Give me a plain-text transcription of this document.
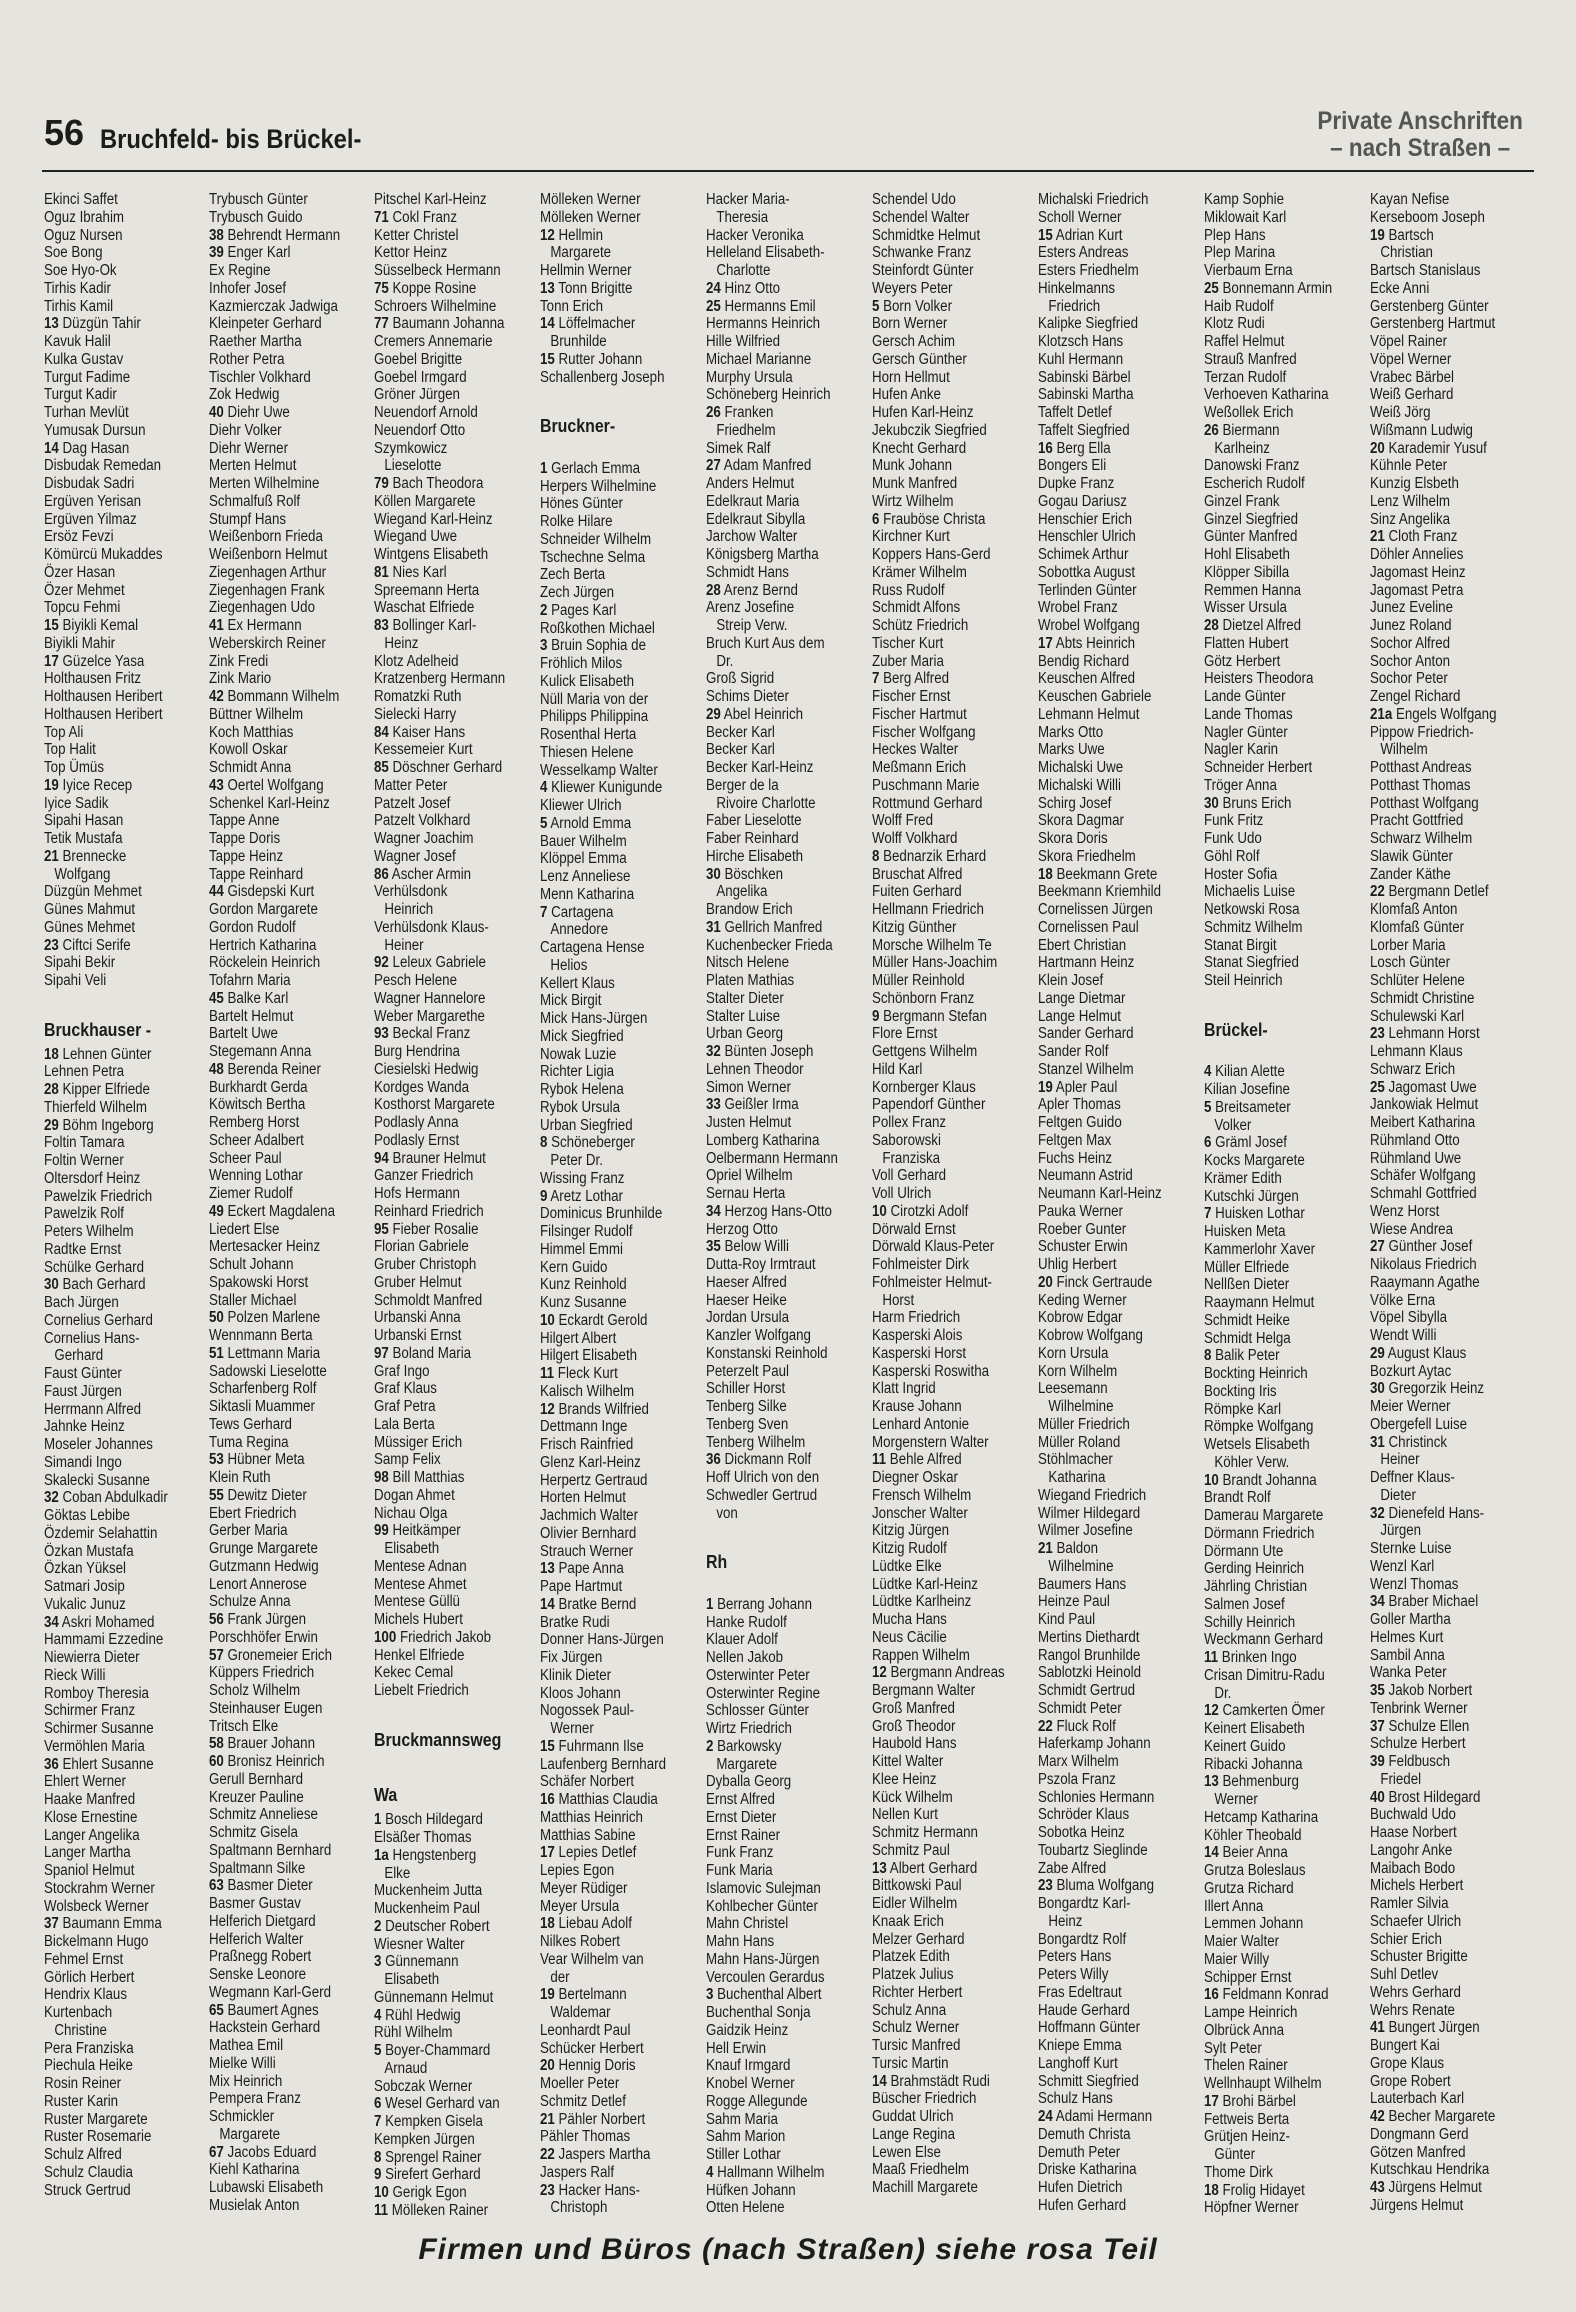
56 Bruchfeld- bis Brückel-
Private Anschriften
– nach Straßen –
Ekinci Saffet
Oguz Ibrahim
Oguz Nursen
Soe Bong
Soe Hyo-Ok
Tirhis Kadir
Tirhis Kamil
13 Düzgün Tahir
Kavuk Halil
Kulka Gustav
Turgut Fadime
Turgut Kadir
Turhan Mevlüt
Yumusak Dursun
14 Dag Hasan
Disbudak Remedan
Disbudak Sadri
Ergüven Yerisan
Ergüven Yilmaz
Ersöz Fevzi
Kömürcü Mukaddes
Özer Hasan
Özer Mehmet
Topcu Fehmi
15 Biyikli Kemal
Biyikli Mahir
17 Güzelce Yasa
Holthausen Fritz
Holthausen Heribert
Holthausen Heribert
Top Ali
Top Halit
Top Ümüs
19 Iyice Recep
Iyice Sadik
Sipahi Hasan
Tetik Mustafa
21 Brennecke
Wolfgang
Düzgün Mehmet
Günes Mahmut
Günes Mehmet
23 Ciftci Serife
Sipahi Bekir
Sipahi Veli
Bruckhauser -
18 Lehnen Günter
Lehnen Petra
28 Kipper Elfriede
Thierfeld Wilhelm
29 Böhm Ingeborg
Foltin Tamara
Foltin Werner
Oltersdorf Heinz
Pawelzik Friedrich
Pawelzik Rolf
Peters Wilhelm
Radtke Ernst
Schülke Gerhard
30 Bach Gerhard
Bach Jürgen
Cornelius Gerhard
Cornelius Hans-
Gerhard
Faust Günter
Faust Jürgen
Herrmann Alfred
Jahnke Heinz
Moseler Johannes
Simandi Ingo
Skalecki Susanne
32 Coban Abdulkadir
Göktas Lebibe
Özdemir Selahattin
Özkan Mustafa
Özkan Yüksel
Satmari Josip
Vukalic Junuz
34 Askri Mohamed
Hammami Ezzedine
Niewierra Dieter
Rieck Willi
Romboy Theresia
Schirmer Franz
Schirmer Susanne
Vermöhlen Maria
36 Ehlert Susanne
Ehlert Werner
Haake Manfred
Klose Ernestine
Langer Angelika
Langer Martha
Spaniol Helmut
Stockrahm Werner
Wolsbeck Werner
37 Baumann Emma
Bickelmann Hugo
Fehmel Ernst
Görlich Herbert
Hendrix Klaus
Kurtenbach
Christine
Pera Franziska
Piechula Heike
Rosin Reiner
Ruster Karin
Ruster Margarete
Ruster Rosemarie
Schulz Alfred
Schulz Claudia
Struck Gertrud
Trybusch Günter
Trybusch Guido
38 Behrendt Hermann
39 Enger Karl
Ex Regine
Inhofer Josef
Kazmierczak Jadwiga
Kleinpeter Gerhard
Raether Martha
Rother Petra
Tischler Volkhard
Zok Hedwig
40 Diehr Uwe
Diehr Volker
Diehr Werner
Merten Helmut
Merten Wilhelmine
Schmalfuß Rolf
Stumpf Hans
Weißenborn Frieda
Weißenborn Helmut
Ziegenhagen Arthur
Ziegenhagen Frank
Ziegenhagen Udo
41 Ex Hermann
Weberskirch Reiner
Zink Fredi
Zink Mario
42 Bommann Wilhelm
Büttner Wilhelm
Koch Matthias
Kowoll Oskar
Schmidt Anna
43 Oertel Wolfgang
Schenkel Karl-Heinz
Tappe Anne
Tappe Doris
Tappe Heinz
Tappe Reinhard
44 Gisdepski Kurt
Gordon Margarete
Gordon Rudolf
Hertrich Katharina
Röckelein Heinrich
Tofahrn Maria
45 Balke Karl
Bartelt Helmut
Bartelt Uwe
Stegemann Anna
48 Berenda Reiner
Burkhardt Gerda
Köwitsch Bertha
Remberg Horst
Scheer Adalbert
Scheer Paul
Wenning Lothar
Ziemer Rudolf
49 Eckert Magdalena
Liedert Else
Mertesacker Heinz
Schult Johann
Spakowski Horst
Staller Michael
50 Polzen Marlene
Wennmann Berta
51 Lettmann Maria
Sadowski Lieselotte
Scharfenberg Rolf
Siktasli Muammer
Tews Gerhard
Tuma Regina
53 Hübner Meta
Klein Ruth
55 Dewitz Dieter
Ebert Friedrich
Gerber Maria
Grunge Margarete
Gutzmann Hedwig
Lenort Annerose
Schulze Anna
56 Frank Jürgen
Porschhöfer Erwin
57 Gronemeier Erich
Küppers Friedrich
Scholz Wilhelm
Steinhauser Eugen
Tritsch Elke
58 Brauer Johann
60 Bronisz Heinrich
Gerull Bernhard
Kreuzer Pauline
Schmitz Anneliese
Schmitz Gisela
Spaltmann Bernhard
Spaltmann Silke
63 Basmer Dieter
Basmer Gustav
Helferich Dietgard
Helferich Walter
Praßnegg Robert
Senske Leonore
Wegmann Karl-Gerd
65 Baumert Agnes
Hackstein Gerhard
Mathea Emil
Mielke Willi
Mix Heinrich
Pempera Franz
Schmickler
Margarete
67 Jacobs Eduard
Kiehl Katharina
Lubawski Elisabeth
Musielak Anton
Pitschel Karl-Heinz
71 Cokl Franz
Ketter Christel
Kettor Heinz
Süsselbeck Hermann
75 Koppe Rosine
Schroers Wilhelmine
77 Baumann Johanna
Cremers Annemarie
Goebel Brigitte
Goebel Irmgard
Gröner Jürgen
Neuendorf Arnold
Neuendorf Otto
Szymkowicz
Lieselotte
79 Bach Theodora
Köllen Margarete
Wiegand Karl-Heinz
Wiegand Uwe
Wintgens Elisabeth
81 Nies Karl
Spreemann Herta
Waschat Elfriede
83 Bollinger Karl-
Heinz
Klotz Adelheid
Kratzenberg Hermann
Romatzki Ruth
Sielecki Harry
84 Kaiser Hans
Kessemeier Kurt
85 Döschner Gerhard
Matter Peter
Patzelt Josef
Patzelt Volkhard
Wagner Joachim
Wagner Josef
86 Ascher Armin
Verhülsdonk
Heinrich
Verhülsdonk Klaus-
Heiner
92 Leleux Gabriele
Pesch Helene
Wagner Hannelore
Weber Margarethe
93 Beckal Franz
Burg Hendrina
Ciesielski Hedwig
Kordges Wanda
Kosthorst Margarete
Podlasly Anna
Podlasly Ernst
94 Brauner Helmut
Ganzer Friedrich
Hofs Hermann
Reinhard Friedrich
95 Fieber Rosalie
Florian Gabriele
Gruber Christoph
Gruber Helmut
Schmoldt Manfred
Urbanski Anna
Urbanski Ernst
97 Boland Maria
Graf Ingo
Graf Klaus
Graf Petra
Lala Berta
Müssiger Erich
Samp Felix
98 Bill Matthias
Dogan Ahmet
Nichau Olga
99 Heitkämper
Elisabeth
Mentese Adnan
Mentese Ahmet
Mentese Güllü
Michels Hubert
100 Friedrich Jakob
Henkel Elfriede
Kekec Cemal
Liebelt Friedrich
Bruckmannsweg
Wa
1 Bosch Hildegard
Elsäßer Thomas
1a Hengstenberg
Elke
Muckenheim Jutta
Muckenheim Paul
2 Deutscher Robert
Wiesner Walter
3 Günnemann
Elisabeth
Günnemann Helmut
4 Rühl Hedwig
Rühl Wilhelm
5 Boyer-Chammard
Arnaud
Sobczak Werner
6 Wesel Gerhard van
7 Kempken Gisela
Kempken Jürgen
8 Sprengel Rainer
9 Sirefert Gerhard
10 Gerigk Egon
11 Mölleken Rainer
Mölleken Werner
Mölleken Werner
12 Hellmin
Margarete
Hellmin Werner
13 Tonn Brigitte
Tonn Erich
14 Löffelmacher
Brunhilde
15 Rutter Johann
Schallenberg Joseph
Bruckner-
1 Gerlach Emma
Herpers Wilhelmine
Hönes Günter
Rolke Hilare
Schneider Wilhelm
Tschechne Selma
Zech Berta
Zech Jürgen
2 Pages Karl
Roßkothen Michael
3 Bruin Sophia de
Fröhlich Milos
Kulick Elisabeth
Nüll Maria von der
Philipps Philippina
Rosenthal Herta
Thiesen Helene
Wesselkamp Walter
4 Kliewer Kunigunde
Kliewer Ulrich
5 Arnold Emma
Bauer Wilhelm
Klöppel Emma
Lenz Anneliese
Menn Katharina
7 Cartagena
Annedore
Cartagena Hense
Helios
Kellert Klaus
Mick Birgit
Mick Hans-Jürgen
Mick Siegfried
Nowak Luzie
Richter Ligia
Rybok Helena
Rybok Ursula
Urban Siegfried
8 Schöneberger
Peter Dr.
Wissing Franz
9 Aretz Lothar
Dominicus Brunhilde
Filsinger Rudolf
Himmel Emmi
Kern Guido
Kunz Reinhold
Kunz Susanne
10 Eckardt Gerold
Hilgert Albert
Hilgert Elisabeth
11 Fleck Kurt
Kalisch Wilhelm
12 Brands Wilfried
Dettmann Inge
Frisch Rainfried
Glenz Karl-Heinz
Herpertz Gertraud
Horten Helmut
Jachmich Walter
Olivier Bernhard
Strauch Werner
13 Pape Anna
Pape Hartmut
14 Bratke Bernd
Bratke Rudi
Donner Hans-Jürgen
Fix Jürgen
Klinik Dieter
Kloos Johann
Nogossek Paul-
Werner
15 Fuhrmann Ilse
Laufenberg Bernhard
Schäfer Norbert
16 Matthias Claudia
Matthias Heinrich
Matthias Sabine
17 Lepies Detlef
Lepies Egon
Meyer Rüdiger
Meyer Ursula
18 Liebau Adolf
Nilkes Robert
Vear Wilhelm van
der
19 Bertelmann
Waldemar
Leonhardt Paul
Schücker Herbert
20 Hennig Doris
Moeller Peter
Schmitz Detlef
21 Pähler Norbert
Pähler Thomas
22 Jaspers Martha
Jaspers Ralf
23 Hacker Hans-
Christoph
Hacker Maria-
Theresia
Hacker Veronika
Helleland Elisabeth-
Charlotte
24 Hinz Otto
25 Hermanns Emil
Hermanns Heinrich
Hille Wilfried
Michael Marianne
Murphy Ursula
Schöneberg Heinrich
26 Franken
Friedhelm
Simek Ralf
27 Adam Manfred
Anders Helmut
Edelkraut Maria
Edelkraut Sibylla
Jarchow Walter
Königsberg Martha
Schmidt Hans
28 Arenz Bernd
Arenz Josefine
Streip Verw.
Bruch Kurt Aus dem
Dr.
Groß Sigrid
Schims Dieter
29 Abel Heinrich
Becker Karl
Becker Karl
Becker Karl-Heinz
Berger de la
Rivoire Charlotte
Faber Lieselotte
Faber Reinhard
Hirche Elisabeth
30 Böschken
Angelika
Brandow Erich
31 Gellrich Manfred
Kuchenbecker Frieda
Nitsch Helene
Platen Mathias
Stalter Dieter
Stalter Luise
Urban Georg
32 Bünten Joseph
Lehnen Theodor
Simon Werner
33 Geißler Irma
Justen Helmut
Lomberg Katharina
Oelbermann Hermann
Opriel Wilhelm
Sernau Herta
34 Herzog Hans-Otto
Herzog Otto
35 Below Willi
Dutta-Roy Irmtraut
Haeser Alfred
Haeser Heike
Jordan Ursula
Kanzler Wolfgang
Konstanski Reinhold
Peterzelt Paul
Schiller Horst
Tenberg Silke
Tenberg Sven
Tenberg Wilhelm
36 Dickmann Rolf
Hoff Ulrich von den
Schwedler Gertrud
von
Rh
1 Berrang Johann
Hanke Rudolf
Klauer Adolf
Nellen Jakob
Osterwinter Peter
Osterwinter Regine
Schlosser Günter
Wirtz Friedrich
2 Barkowsky
Margarete
Dyballa Georg
Ernst Alfred
Ernst Dieter
Ernst Rainer
Funk Franz
Funk Maria
Islamovic Sulejman
Kohlbecher Günter
Mahn Christel
Mahn Hans
Mahn Hans-Jürgen
Vercoulen Gerardus
3 Buchenthal Albert
Buchenthal Sonja
Gaidzik Heinz
Hell Erwin
Knauf Irmgard
Knobel Werner
Rogge Allegunde
Sahm Maria
Sahm Marion
Stiller Lothar
4 Hallmann Wilhelm
Hüfken Johann
Otten Helene
Schendel Udo
Schendel Walter
Schmidtke Helmut
Schwanke Franz
Steinfordt Günter
Weyers Peter
5 Born Volker
Born Werner
Gersch Achim
Gersch Günther
Horn Hellmut
Hufen Anke
Hufen Karl-Heinz
Jekubczik Siegfried
Knecht Gerhard
Munk Johann
Munk Manfred
Wirtz Wilhelm
6 Frauböse Christa
Kirchner Kurt
Koppers Hans-Gerd
Krämer Wilhelm
Russ Rudolf
Schmidt Alfons
Schütz Friedrich
Tischer Kurt
Zuber Maria
7 Berg Alfred
Fischer Ernst
Fischer Hartmut
Fischer Wolfgang
Heckes Walter
Meßmann Erich
Puschmann Marie
Rottmund Gerhard
Wolff Fred
Wolff Volkhard
8 Bednarzik Erhard
Bruschat Alfred
Fuiten Gerhard
Hellmann Friedrich
Kitzig Günther
Morsche Wilhelm Te
Müller Hans-Joachim
Müller Reinhold
Schönborn Franz
9 Bergmann Stefan
Flore Ernst
Gettgens Wilhelm
Hild Karl
Kornberger Klaus
Papendorf Günther
Pollex Franz
Saborowski
Franziska
Voll Gerhard
Voll Ulrich
10 Cirotzki Adolf
Dörwald Ernst
Dörwald Klaus-Peter
Fohlmeister Dirk
Fohlmeister Helmut-
Horst
Harm Friedrich
Kasperski Alois
Kasperski Horst
Kasperski Roswitha
Klatt Ingrid
Krause Johann
Lenhard Antonie
Morgenstern Walter
11 Behle Alfred
Diegner Oskar
Frensch Wilhelm
Jonscher Walter
Kitzig Jürgen
Kitzig Rudolf
Lüdtke Elke
Lüdtke Karl-Heinz
Lüdtke Karlheinz
Mucha Hans
Neus Cäcilie
Rappen Wilhelm
12 Bergmann Andreas
Bergmann Walter
Groß Manfred
Groß Theodor
Haubold Hans
Kittel Walter
Klee Heinz
Kück Wilhelm
Nellen Kurt
Schmitz Hermann
Schmitz Paul
13 Albert Gerhard
Bittkowski Paul
Eidler Wilhelm
Knaak Erich
Melzer Gerhard
Platzek Edith
Platzek Julius
Richter Herbert
Schulz Anna
Schulz Werner
Tursic Manfred
Tursic Martin
14 Brahmstädt Rudi
Büscher Friedrich
Guddat Ulrich
Lange Regina
Lewen Else
Maaß Friedhelm
Machill Margarete
Michalski Friedrich
Scholl Werner
15 Adrian Kurt
Esters Andreas
Esters Friedhelm
Hinkelmanns
Friedrich
Kalipke Siegfried
Klotzsch Hans
Kuhl Hermann
Sabinski Bärbel
Sabinski Martha
Taffelt Detlef
Taffelt Siegfried
16 Berg Ella
Bongers Eli
Dupke Franz
Gogau Dariusz
Henschier Erich
Henschler Ulrich
Schimek Arthur
Sobottka August
Terlinden Günter
Wrobel Franz
Wrobel Wolfgang
17 Abts Heinrich
Bendig Richard
Keuschen Alfred
Keuschen Gabriele
Lehmann Helmut
Marks Otto
Marks Uwe
Michalski Uwe
Michalski Willi
Schirg Josef
Skora Dagmar
Skora Doris
Skora Friedhelm
18 Beekmann Grete
Beekmann Kriemhild
Cornelissen Jürgen
Cornelissen Paul
Ebert Christian
Hartmann Heinz
Klein Josef
Lange Dietmar
Lange Helmut
Sander Gerhard
Sander Rolf
Stanzel Wilhelm
19 Apler Paul
Apler Thomas
Feltgen Guido
Feltgen Max
Fuchs Heinz
Neumann Astrid
Neumann Karl-Heinz
Pauka Werner
Roeber Gunter
Schuster Erwin
Uhlig Herbert
20 Finck Gertraude
Keding Werner
Kobrow Edgar
Kobrow Wolfgang
Korn Ursula
Korn Wilhelm
Leesemann
Wilhelmine
Müller Friedrich
Müller Roland
Stöhlmacher
Katharina
Wiegand Friedrich
Wilmer Hildegard
Wilmer Josefine
21 Baldon
Wilhelmine
Baumers Hans
Heinze Paul
Kind Paul
Mertins Diethardt
Rangol Brunhilde
Sablotzki Heinold
Schmidt Gertrud
Schmidt Peter
22 Fluck Rolf
Haferkamp Johann
Marx Wilhelm
Pszola Franz
Schlonies Hermann
Schröder Klaus
Sobotka Heinz
Toubartz Sieglinde
Zabe Alfred
23 Bluma Wolfgang
Bongardtz Karl-
Heinz
Bongardtz Rolf
Peters Hans
Peters Willy
Fras Edeltraut
Haude Gerhard
Hoffmann Günter
Kniepe Emma
Langhoff Kurt
Schmitt Siegfried
Schulz Hans
24 Adami Hermann
Demuth Christa
Demuth Peter
Driske Katharina
Hufen Dietrich
Hufen Gerhard
Kamp Sophie
Miklowait Karl
Plep Hans
Plep Marina
Vierbaum Erna
25 Bonnemann Armin
Haib Rudolf
Klotz Rudi
Raffel Helmut
Strauß Manfred
Terzan Rudolf
Verhoeven Katharina
Weßollek Erich
26 Biermann
Karlheinz
Danowski Franz
Escherich Rudolf
Ginzel Frank
Ginzel Siegfried
Günter Manfred
Hohl Elisabeth
Klöpper Sibilla
Remmen Hanna
Wisser Ursula
28 Dietzel Alfred
Flatten Hubert
Götz Herbert
Heisters Theodora
Lande Günter
Lande Thomas
Nagler Günter
Nagler Karin
Schneider Herbert
Tröger Anna
30 Bruns Erich
Funk Fritz
Funk Udo
Göhl Rolf
Hoster Sofia
Michaelis Luise
Netkowski Rosa
Schmitz Wilhelm
Stanat Birgit
Stanat Siegfried
Steil Heinrich
Brückel-
4 Kilian Alette
Kilian Josefine
5 Breitsameter
Volker
6 Gräml Josef
Kocks Margarete
Krämer Edith
Kutschki Jürgen
7 Huisken Lothar
Huisken Meta
Kammerlohr Xaver
Müller Elfriede
Nellßen Dieter
Raaymann Helmut
Schmidt Heike
Schmidt Helga
8 Balik Peter
Bockting Heinrich
Bockting Iris
Römpke Karl
Römpke Wolfgang
Wetsels Elisabeth
Köhler Verw.
10 Brandt Johanna
Brandt Rolf
Damerau Margarete
Dörmann Friedrich
Dörmann Ute
Gerding Heinrich
Jährling Christian
Salmen Josef
Schilly Heinrich
Weckmann Gerhard
11 Brinken Ingo
Crisan Dimitru-Radu
Dr.
12 Camkerten Ömer
Keinert Elisabeth
Keinert Guido
Ribacki Johanna
13 Behmenburg
Werner
Hetcamp Katharina
Köhler Theobald
14 Beier Anna
Grutza Boleslaus
Grutza Richard
Illert Anna
Lemmen Johann
Maier Walter
Maier Willy
Schipper Ernst
16 Feldmann Konrad
Lampe Heinrich
Olbrück Anna
Sylt Peter
Thelen Rainer
Wellnhaupt Wilhelm
17 Brohi Bärbel
Fettweis Berta
Grütjen Heinz-
Günter
Thome Dirk
18 Frolig Hidayet
Höpfner Werner
Kayan Nefise
Kerseboom Joseph
19 Bartsch
Christian
Bartsch Stanislaus
Ecke Anni
Gerstenberg Günter
Gerstenberg Hartmut
Vöpel Rainer
Vöpel Werner
Vrabec Bärbel
Weiß Gerhard
Weiß Jörg
Wißmann Ludwig
20 Karademir Yusuf
Kühnle Peter
Kunzig Elsbeth
Lenz Wilhelm
Sinz Angelika
21 Cloth Franz
Döhler Annelies
Jagomast Heinz
Jagomast Petra
Junez Eveline
Junez Roland
Sochor Alfred
Sochor Anton
Sochor Peter
Zengel Richard
21a Engels Wolfgang
Pippow Friedrich-
Wilhelm
Potthast Andreas
Potthast Thomas
Potthast Wolfgang
Pracht Gottfried
Schwarz Wilhelm
Slawik Günter
Zander Käthe
22 Bergmann Detlef
Klomfaß Anton
Klomfaß Günter
Lorber Maria
Losch Günter
Schlüter Helene
Schmidt Christine
Schulewski Karl
23 Lehmann Horst
Lehmann Klaus
Schwarz Erich
25 Jagomast Uwe
Jankowiak Helmut
Meibert Katharina
Rühmland Otto
Rühmland Uwe
Schäfer Wolfgang
Schmahl Gottfried
Wenz Horst
Wiese Andrea
27 Günther Josef
Nikolaus Friedrich
Raaymann Agathe
Völke Erna
Vöpel Sibylla
Wendt Willi
29 August Klaus
Bozkurt Aytac
30 Gregorzik Heinz
Meier Werner
Obergefell Luise
31 Christinck
Heiner
Deffner Klaus-
Dieter
32 Dienefeld Hans-
Jürgen
Sternke Luise
Wenzl Karl
Wenzl Thomas
34 Braber Michael
Goller Martha
Helmes Kurt
Sambil Anna
Wanka Peter
35 Jakob Norbert
Tenbrink Werner
37 Schulze Ellen
Schulze Herbert
39 Feldbusch
Friedel
40 Brost Hildegard
Buchwald Udo
Haase Norbert
Langohr Anke
Maibach Bodo
Michels Herbert
Ramler Silvia
Schaefer Ulrich
Schier Erich
Schuster Brigitte
Suhl Detlev
Wehrs Gerhard
Wehrs Renate
41 Bungert Jürgen
Bungert Kai
Grope Klaus
Grope Robert
Lauterbach Karl
42 Becher Margarete
Dongmann Gerd
Götzen Manfred
Kutschkau Hendrika
43 Jürgens Helmut
Jürgens Helmut
Firmen und Büros (nach Straßen) siehe rosa Teil
